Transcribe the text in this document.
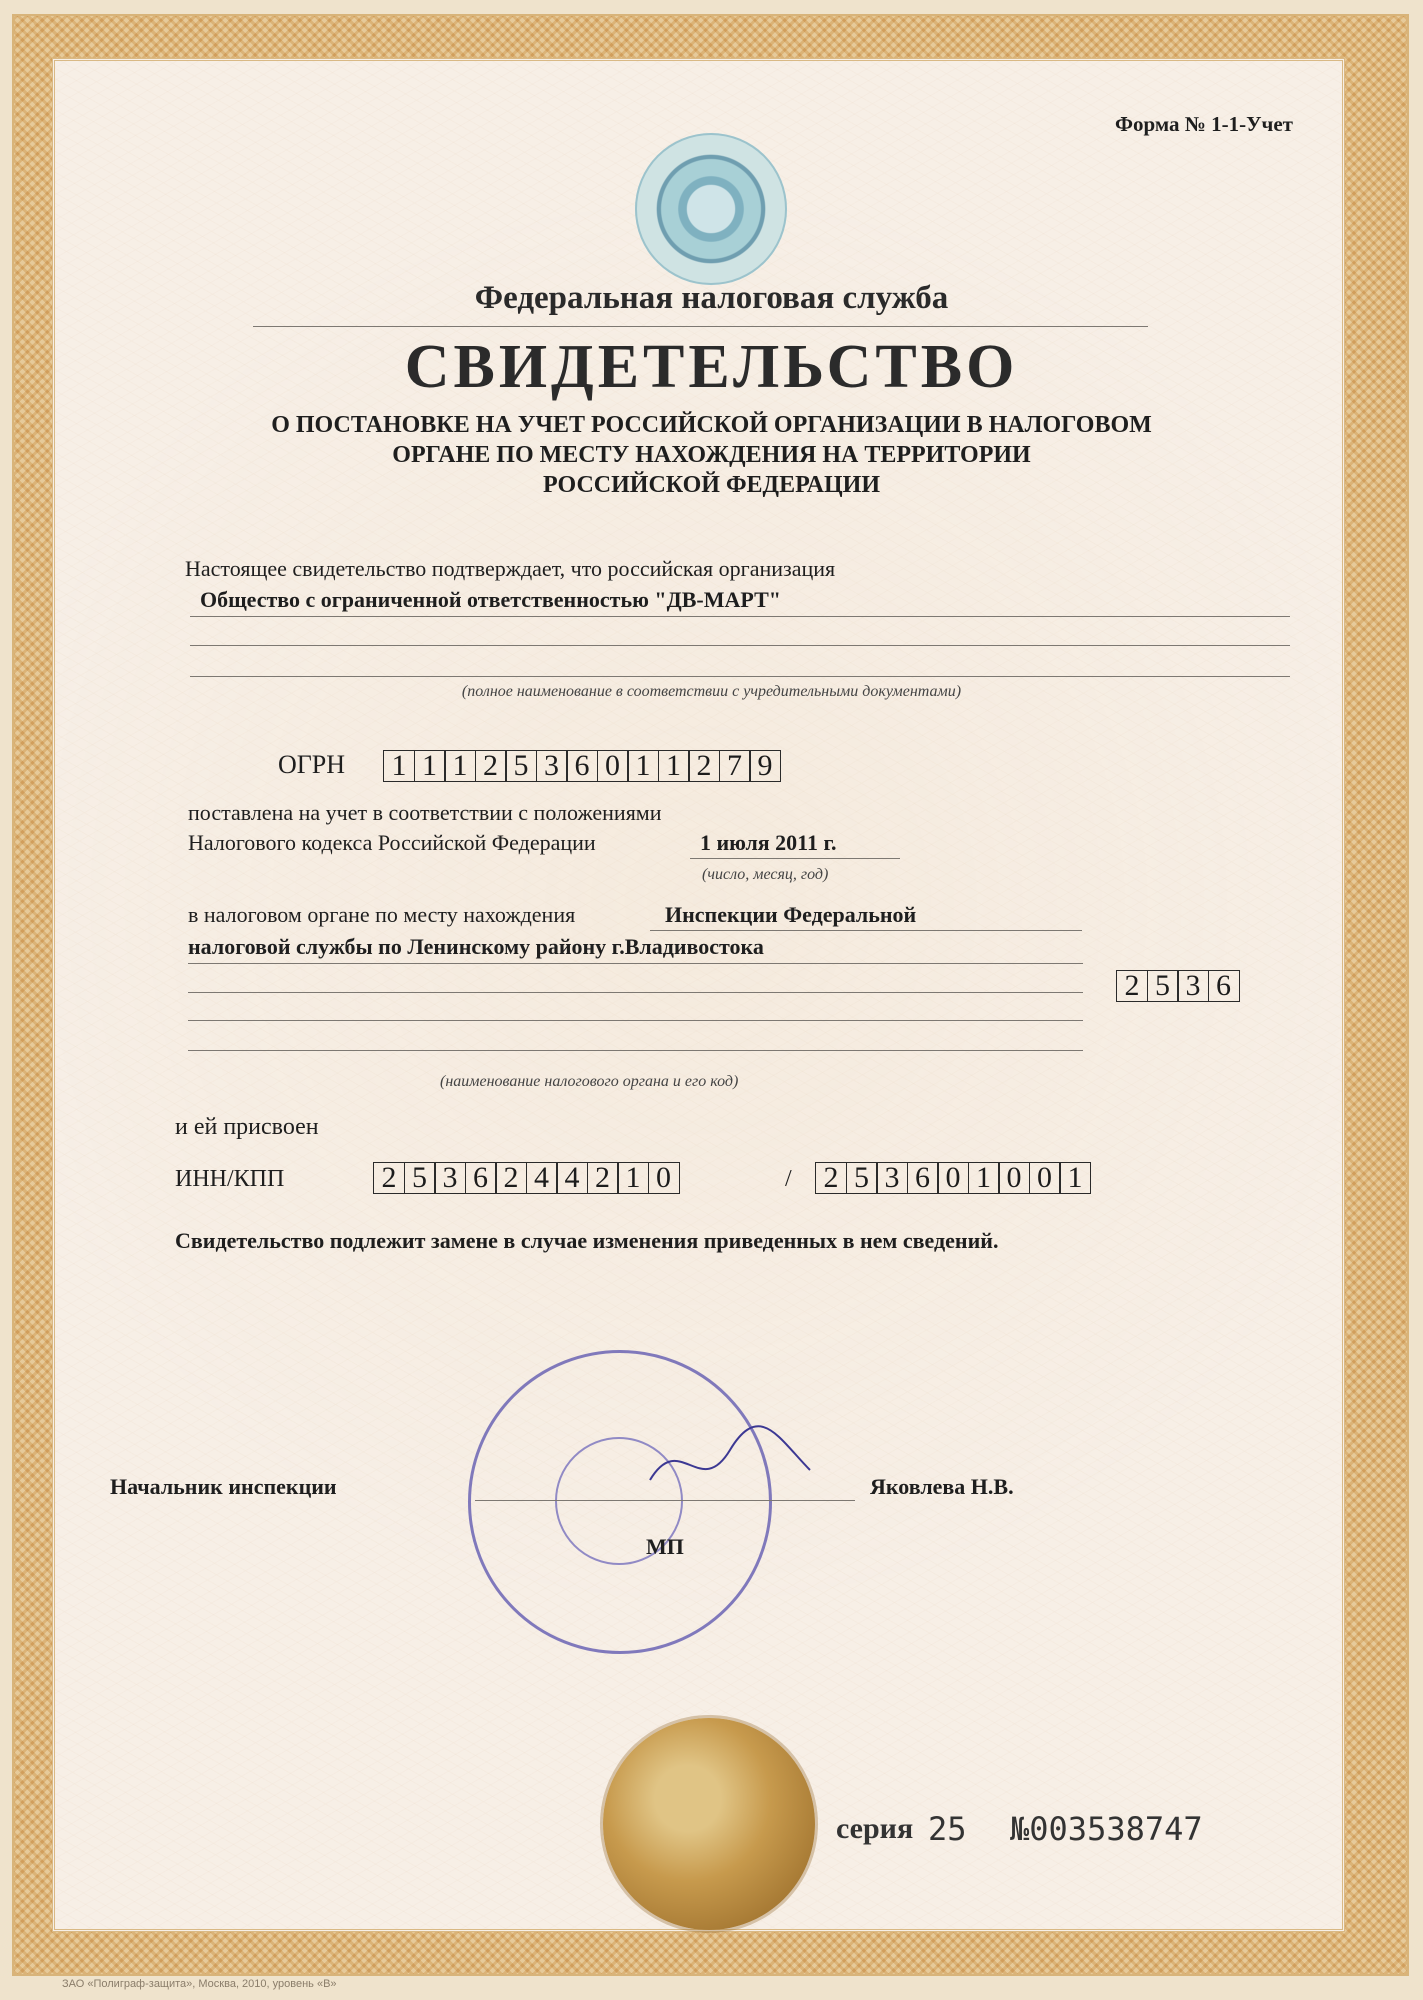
Форма № 1-1-Учет
Федеральная налоговая служба
СВИДЕТЕЛЬСТВО
О ПОСТАНОВКЕ НА УЧЕТ РОССИЙСКОЙ ОРГАНИЗАЦИИ В НАЛОГОВОМ
ОРГАНЕ ПО МЕСТУ НАХОЖДЕНИЯ НА ТЕРРИТОРИИ
РОССИЙСКОЙ ФЕДЕРАЦИИ
Настоящее свидетельство подтверждает, что российская организация
Общество с ограниченной ответственностью "ДВ-МАРТ"
(полное наименование в соответствии с учредительными документами)
ОГРН 1 1 1 2 5 3 6 0 1 1 2 7 9
поставлена на учет в соответствии с положениями
Налогового кодекса Российской Федерации	1 июля 2011 г.
(число, месяц, год)
в налоговом органе по месту нахождения	Инспекции Федеральной
налоговой службы по Ленинскому району г.Владивостока
2 5 3 6
(наименование налогового органа и его код)
и ей присвоен
ИНН/КПП	2 5 3 6 2 4 4 2 1 0	/ 2 5 3 6 0 1 0 0 1
Свидетельство подлежит замене в случае изменения приведенных в нем сведений.
Начальник инспекции	Яковлева Н.В.
МП
серия 25 №003538747
ЗАО «Полиграф-защита», Москва, 2010, уровень «В»
